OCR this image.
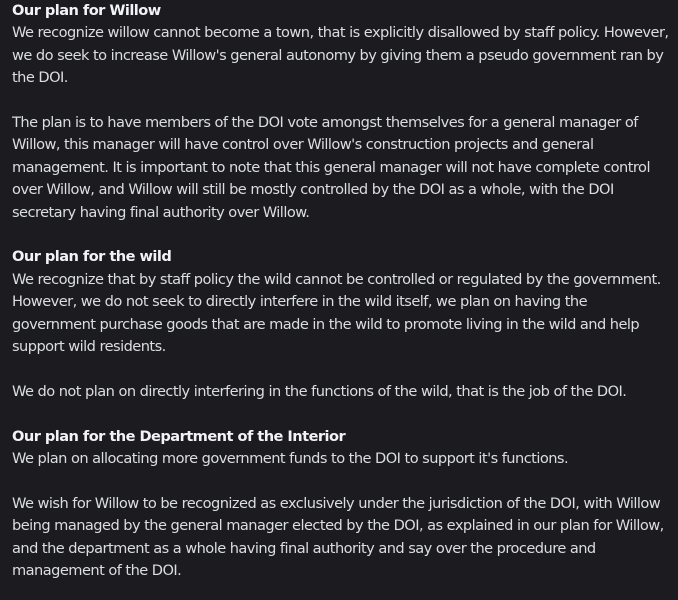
Our plan for Willow

We recognize willow cannot become a town, that is explicitly disallowed by staff policy. However, we do seek to increase Willow's general autonomy by giving them a pseudo government ran by the DOI.

The plan is to have members of the DOI vote amongst themselves for a general manager of Willow, this manager will have control over Willow's construction projects and general management. It is important to note that this general manager will not have complete control over Willow, and Willow will still be mostly controlled by the DOI as a whole, with the DOI secretary having final authority over Willow.

Our plan for the wild

We recognize that by staff policy the wild cannot be controlled or regulated by the government. However, we do not seek to directly interfere in the wild itself, we plan on having the government purchase goods that are made in the wild to promote living in the wild and help support wild residents.

We do not plan on directly interfering in the functions of the wild, that is the job of the DOI.

Our plan for the Department of the Interior

We plan on allocating more government funds to the DOI to support it's functions.

We wish for Willow to be recognized as exclusively under the jurisdiction of the DOI, with Willow being managed by the general manager elected by the DOI, as explained in our plan for Willow, and the department as a whole having final authority and say over the procedure and management of the DOI.
